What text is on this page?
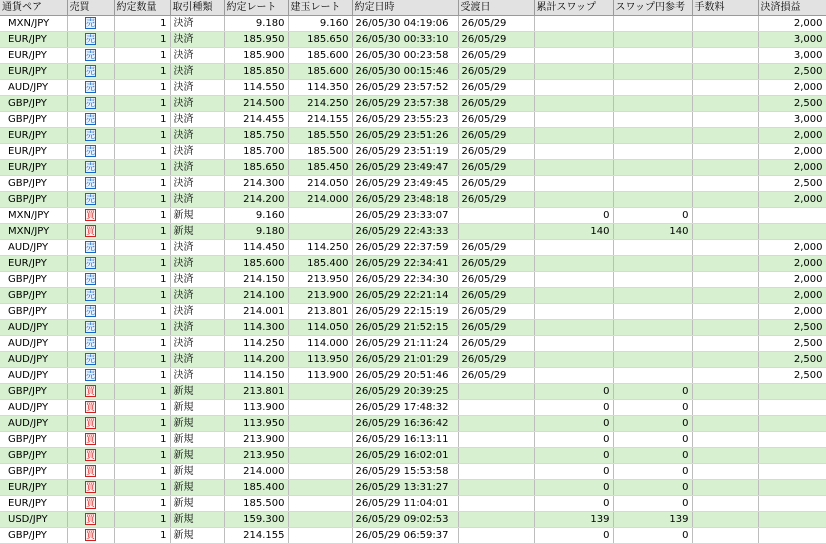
通貨ペア	売買	約定数量	取引種類	約定レート	建玉レート	約定日時	受渡日	累計スワップ	スワップ円参考	手数料	決済損益
MXN/JPY	売	1	決済	9.180	9.160	26/05/30 04:19:06	26/05/29				2,000
EUR/JPY	売	1	決済	185.950	185.650	26/05/30 00:33:10	26/05/29				3,000
EUR/JPY	売	1	決済	185.900	185.600	26/05/30 00:23:58	26/05/29				3,000
EUR/JPY	売	1	決済	185.850	185.600	26/05/30 00:15:46	26/05/29				2,500
AUD/JPY	売	1	決済	114.550	114.350	26/05/29 23:57:52	26/05/29				2,000
GBP/JPY	売	1	決済	214.500	214.250	26/05/29 23:57:38	26/05/29				2,500
GBP/JPY	売	1	決済	214.455	214.155	26/05/29 23:55:23	26/05/29				3,000
EUR/JPY	売	1	決済	185.750	185.550	26/05/29 23:51:26	26/05/29				2,000
EUR/JPY	売	1	決済	185.700	185.500	26/05/29 23:51:19	26/05/29				2,000
EUR/JPY	売	1	決済	185.650	185.450	26/05/29 23:49:47	26/05/29				2,000
GBP/JPY	売	1	決済	214.300	214.050	26/05/29 23:49:45	26/05/29				2,500
GBP/JPY	売	1	決済	214.200	214.000	26/05/29 23:48:18	26/05/29				2,000
MXN/JPY	買	1	新規	9.160		26/05/29 23:33:07		0	0		
MXN/JPY	買	1	新規	9.180		26/05/29 22:43:33		140	140		
AUD/JPY	売	1	決済	114.450	114.250	26/05/29 22:37:59	26/05/29				2,000
EUR/JPY	売	1	決済	185.600	185.400	26/05/29 22:34:41	26/05/29				2,000
GBP/JPY	売	1	決済	214.150	213.950	26/05/29 22:34:30	26/05/29				2,000
GBP/JPY	売	1	決済	214.100	213.900	26/05/29 22:21:14	26/05/29				2,000
GBP/JPY	売	1	決済	214.001	213.801	26/05/29 22:15:19	26/05/29				2,000
AUD/JPY	売	1	決済	114.300	114.050	26/05/29 21:52:15	26/05/29				2,500
AUD/JPY	売	1	決済	114.250	114.000	26/05/29 21:11:24	26/05/29				2,500
AUD/JPY	売	1	決済	114.200	113.950	26/05/29 21:01:29	26/05/29				2,500
AUD/JPY	売	1	決済	114.150	113.900	26/05/29 20:51:46	26/05/29				2,500
GBP/JPY	買	1	新規	213.801		26/05/29 20:39:25		0	0		
AUD/JPY	買	1	新規	113.900		26/05/29 17:48:32		0	0		
AUD/JPY	買	1	新規	113.950		26/05/29 16:36:42		0	0		
GBP/JPY	買	1	新規	213.900		26/05/29 16:13:11		0	0		
GBP/JPY	買	1	新規	213.950		26/05/29 16:02:01		0	0		
GBP/JPY	買	1	新規	214.000		26/05/29 15:53:58		0	0		
EUR/JPY	買	1	新規	185.400		26/05/29 13:31:27		0	0		
EUR/JPY	買	1	新規	185.500		26/05/29 11:04:01		0	0		
USD/JPY	買	1	新規	159.300		26/05/29 09:02:53		139	139		
GBP/JPY	買	1	新規	214.155		26/05/29 06:59:37		0	0		
